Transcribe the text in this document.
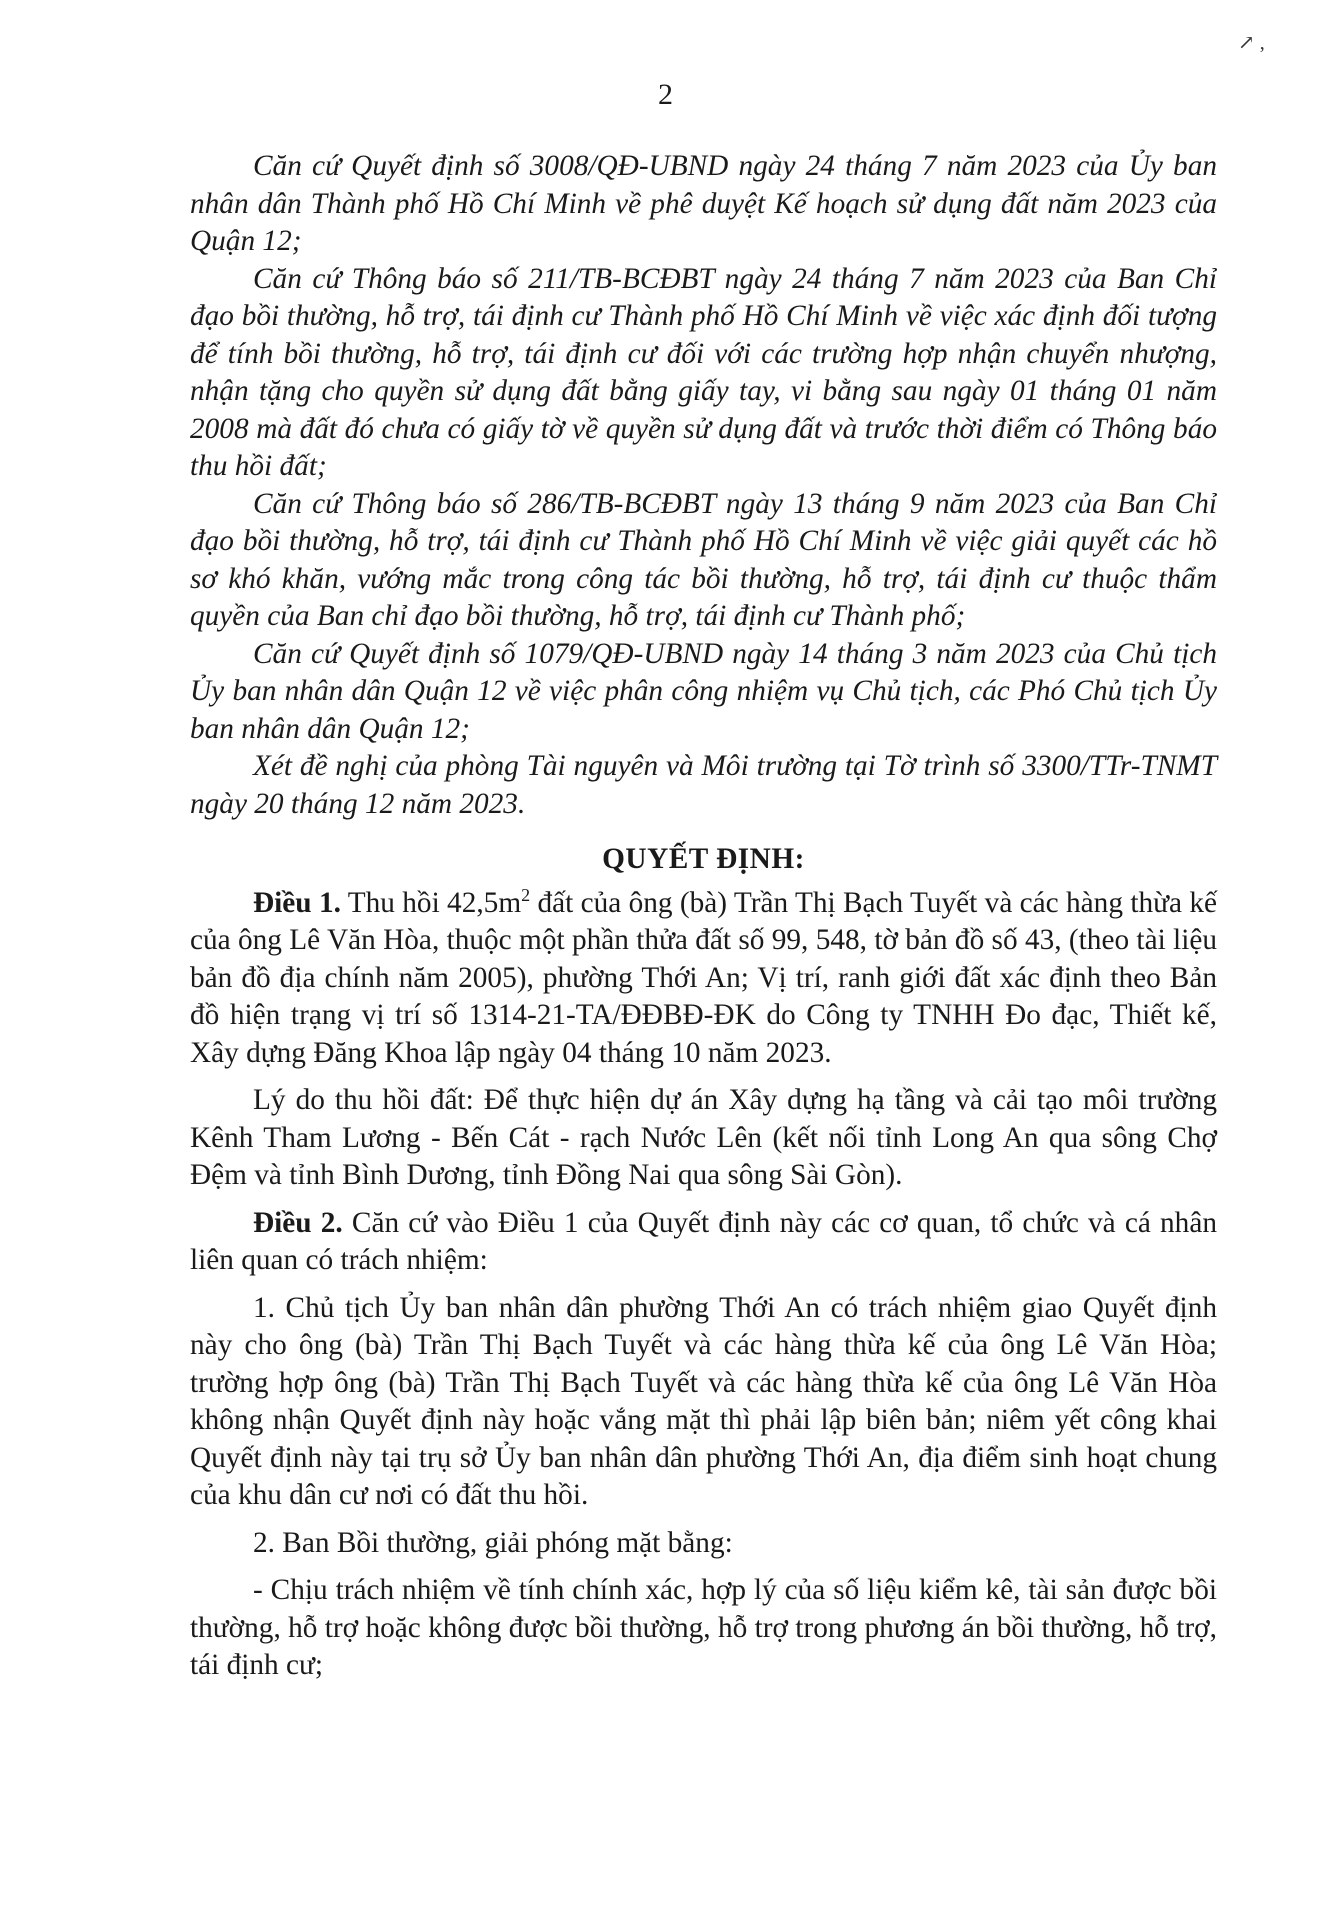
↗ ,
2

Căn cứ Quyết định số 3008/QĐ-UBND ngày 24 tháng 7 năm 2023 của Ủy ban nhân dân Thành phố Hồ Chí Minh về phê duyệt Kế hoạch sử dụng đất năm 2023 của Quận 12;

Căn cứ Thông báo số 211/TB-BCĐBT ngày 24 tháng 7 năm 2023 của Ban Chỉ đạo bồi thường, hỗ trợ, tái định cư Thành phố Hồ Chí Minh về việc xác định đối tượng để tính bồi thường, hỗ trợ, tái định cư đối với các trường hợp nhận chuyển nhượng, nhận tặng cho quyền sử dụng đất bằng giấy tay, vi bằng sau ngày 01 tháng 01 năm 2008 mà đất đó chưa có giấy tờ về quyền sử dụng đất và trước thời điểm có Thông báo thu hồi đất;

Căn cứ Thông báo số 286/TB-BCĐBT ngày 13 tháng 9 năm 2023 của Ban Chỉ đạo bồi thường, hỗ trợ, tái định cư Thành phố Hồ Chí Minh về việc giải quyết các hồ sơ khó khăn, vướng mắc trong công tác bồi thường, hỗ trợ, tái định cư thuộc thẩm quyền của Ban chỉ đạo bồi thường, hỗ trợ, tái định cư Thành phố;

Căn cứ Quyết định số 1079/QĐ-UBND ngày 14 tháng 3 năm 2023 của Chủ tịch Ủy ban nhân dân Quận 12 về việc phân công nhiệm vụ Chủ tịch, các Phó Chủ tịch Ủy ban nhân dân Quận 12;

Xét đề nghị của phòng Tài nguyên và Môi trường tại Tờ trình số 3300/TTr-TNMT ngày 20 tháng 12 năm 2023.

QUYẾT ĐỊNH:

Điều 1. Thu hồi $42,5m^2$ đất của ông (bà) Trần Thị Bạch Tuyết và các hàng thừa kế của ông Lê Văn Hòa, thuộc một phần thửa đất số 99, 548, tờ bản đồ số 43, (theo tài liệu bản đồ địa chính năm 2005), phường Thới An; Vị trí, ranh giới đất xác định theo Bản đồ hiện trạng vị trí số 1314-21-TA/ĐĐBĐ-ĐK do Công ty TNHH Đo đạc, Thiết kế, Xây dựng Đăng Khoa lập ngày 04 tháng 10 năm 2023.

Lý do thu hồi đất: Để thực hiện dự án Xây dựng hạ tầng và cải tạo môi trường Kênh Tham Lương - Bến Cát - rạch Nước Lên (kết nối tỉnh Long An qua sông Chợ Đệm và tỉnh Bình Dương, tỉnh Đồng Nai qua sông Sài Gòn).

Điều 2. Căn cứ vào Điều 1 của Quyết định này các cơ quan, tổ chức và cá nhân liên quan có trách nhiệm:

1. Chủ tịch Ủy ban nhân dân phường Thới An có trách nhiệm giao Quyết định này cho ông (bà) Trần Thị Bạch Tuyết và các hàng thừa kế của ông Lê Văn Hòa; trường hợp ông (bà) Trần Thị Bạch Tuyết và các hàng thừa kế của ông Lê Văn Hòa không nhận Quyết định này hoặc vắng mặt thì phải lập biên bản; niêm yết công khai Quyết định này tại trụ sở Ủy ban nhân dân phường Thới An, địa điểm sinh hoạt chung của khu dân cư nơi có đất thu hồi.

2. Ban Bồi thường, giải phóng mặt bằng:

- Chịu trách nhiệm về tính chính xác, hợp lý của số liệu kiểm kê, tài sản được bồi thường, hỗ trợ hoặc không được bồi thường, hỗ trợ trong phương án bồi thường, hỗ trợ, tái định cư;
